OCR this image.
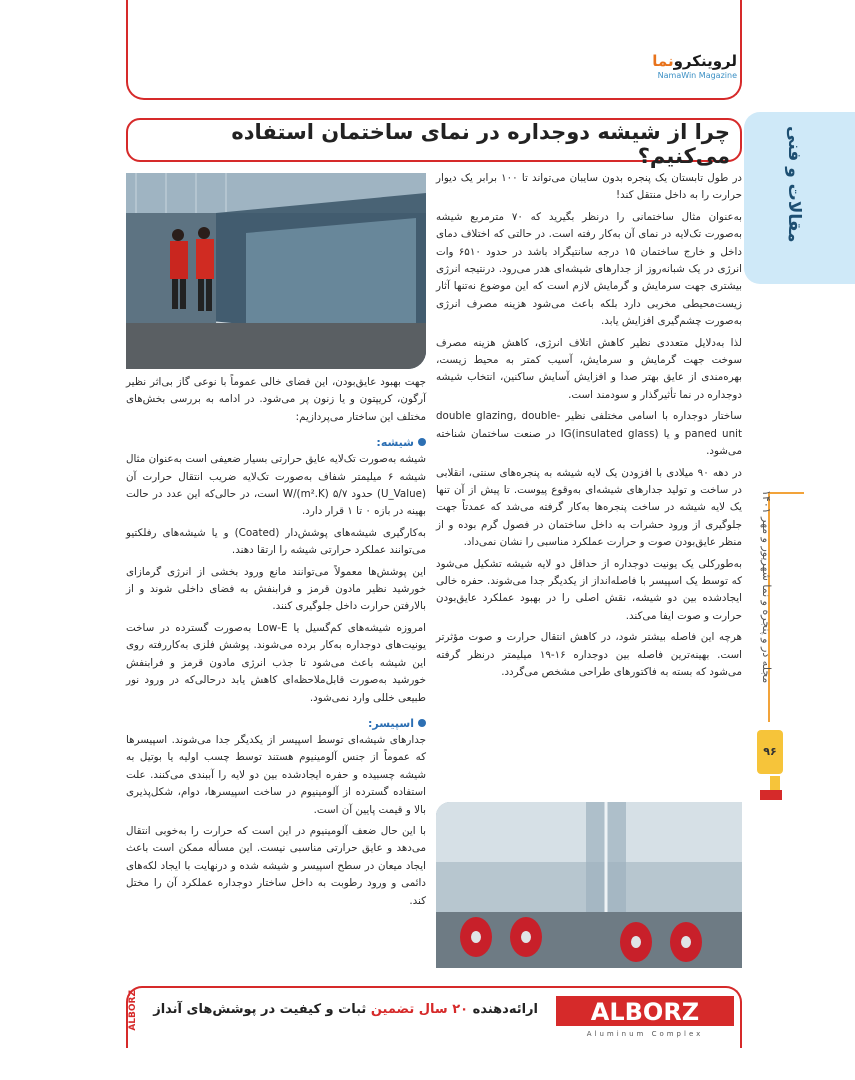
لروینکرونما
NamaWin Magazine
مقالات و فنی
چرا از شیشه دوجداره در نمای ساختمان استفاده می‌کنیم؟
مجله در و پنجره و نما شهریور و مهر ۱۴۰۱
۹۶

در طول تابستان یک پنجره بدون سایبان می‌تواند تا ۱۰۰ برابر یک دیوار حرارت را به داخل منتقل کند!

به‌عنوان مثال ساختمانی را درنظر بگیرید که ۷۰ مترمربع شیشه به‌صورت تک‌لایه در نمای آن به‌کار رفته است. در حالتی که اختلاف دمای داخل و خارج ساختمان ۱۵ درجه سانتیگراد باشد در حدود ۶۵۱۰ وات انرژی در یک شبانه‌روز از جدارهای شیشه‌ای هدر می‌رود. درنتیجه انرژی بیشتری جهت سرمایش و گرمایش لازم است که این موضوع نه‌تنها آثار زیست‌محیطی مخربی دارد بلکه باعث می‌شود هزینه مصرف انرژی به‌صورت چشم‌گیری افزایش یابد.

لذا به‌دلایل متعددی نظیر کاهش اتلاف انرژی، کاهش هزینه مصرف سوخت جهت گرمایش و سرمایش، آسیب کمتر به محیط زیست، بهره‌مندی از عایق بهتر صدا و افزایش آسایش ساکنین، انتخاب شیشه دوجداره در نما تأثیرگذار و سودمند است.

ساختار دوجداره با اسامی مختلفی نظیر double glazing, double-paned unit و یا IG(insulated glass) در صنعت ساختمان شناخته می‌شود.

در دهه ۹۰ میلادی با افزودن یک لایه شیشه به پنجره‌های سنتی، انقلابی در ساخت و تولید جدارهای شیشه‌ای به‌وقوع پیوست. تا پیش از آن تنها یک لایه شیشه در ساخت پنجره‌ها به‌کار گرفته می‌شد که عمدتاً جهت جلوگیری از ورود حشرات به داخل ساختمان در فصول گرم بوده و از منظر عایق‌بودن صوت و حرارت عملکرد مناسبی را نشان نمی‌داد.

به‌طورکلی یک یونیت دوجداره از حداقل دو لایه شیشه تشکیل می‌شود که توسط یک اسپیسر با فاصله‌انداز از یکدیگر جدا می‌شوند. حفره خالی ایجادشده بین دو شیشه، نقش اصلی را در بهبود عملکرد عایق‌بودن حرارت و صوت ایفا می‌کند.

هرچه این فاصله بیشتر شود، در کاهش انتقال حرارت و صوت مؤثرتر است. بهینه‌ترین فاصله بین دوجداره ۱۶-۱۹ میلیمتر درنظر گرفته می‌شود که بسته به فاکتورهای طراحی مشخص می‌گردد.

جهت بهبود عایق‌بودن، این فضای خالی عموماً با نوعی گاز بی‌اثر نظیر آرگون، کریپتون و یا زنون پر می‌شود. در ادامه به بررسی بخش‌های مختلف این ساختار می‌پردازیم:

شیشه:

شیشه به‌صورت تک‌لایه عایق حرارتی بسیار ضعیفی است به‌عنوان مثال شیشه ۶ میلیمتر شفاف به‌صورت تک‌لایه ضریب انتقال حرارت آن (U_Value) حدود ۵/۷ W/(m².K) است، در حالی‌که این عدد در حالت بهینه در بازه ۰ تا ۱ قرار دارد.

به‌کارگیری شیشه‌های پوشش‌دار (Coated) و یا شیشه‌های رفلکتیو می‌توانند عملکرد حرارتی شیشه را ارتقا دهند.

این پوشش‌ها معمولاً می‌توانند مانع ورود بخشی از انرژی گرمازای خورشید نظیر مادون قرمز و فرابنفش به فضای داخلی شوند و از بالارفتن حرارت داخل جلوگیری کنند.

امروزه شیشه‌های کم‌گسیل یا Low-E به‌صورت گسترده در ساخت یونیت‌های دوجداره به‌کار برده می‌شوند. پوشش فلزی به‌کاررفته روی این شیشه باعث می‌شود تا جذب انرژی مادون قرمز و فرابنفش خورشید به‌صورت قابل‌ملاحظه‌ای کاهش یابد درحالی‌که در ورود نور طبیعی خللی وارد نمی‌شود.

اسپیسر:

جدارهای شیشه‌ای توسط اسپیسر از یکدیگر جدا می‌شوند. اسپیسرها که عموماً از جنس آلومینیوم هستند توسط چسب اولیه یا بوتیل به شیشه چسبیده و حفره ایجادشده بین دو لایه را آببندی می‌کنند. علت استفاده گسترده از آلومینیوم در ساخت اسپیسرها، دوام، شکل‌پذیری بالا و قیمت پایین آن است.

با این حال ضعف آلومینیوم در این است که حرارت را به‌خوبی انتقال می‌دهد و عایق حرارتی مناسبی نیست. این مسأله ممکن است باعث ایجاد میعان در سطح اسپیسر و شیشه شده و درنهایت با ایجاد لکه‌های دائمی و ورود رطوبت به داخل ساختار دوجداره عملکرد آن را مختل کند.

ALBORZ	ارائه‌دهنده ۲۰ سال تضمین ثبات و کیفیت در پوشش‌های آنداز	ALBORZ
Aluminum Complex
